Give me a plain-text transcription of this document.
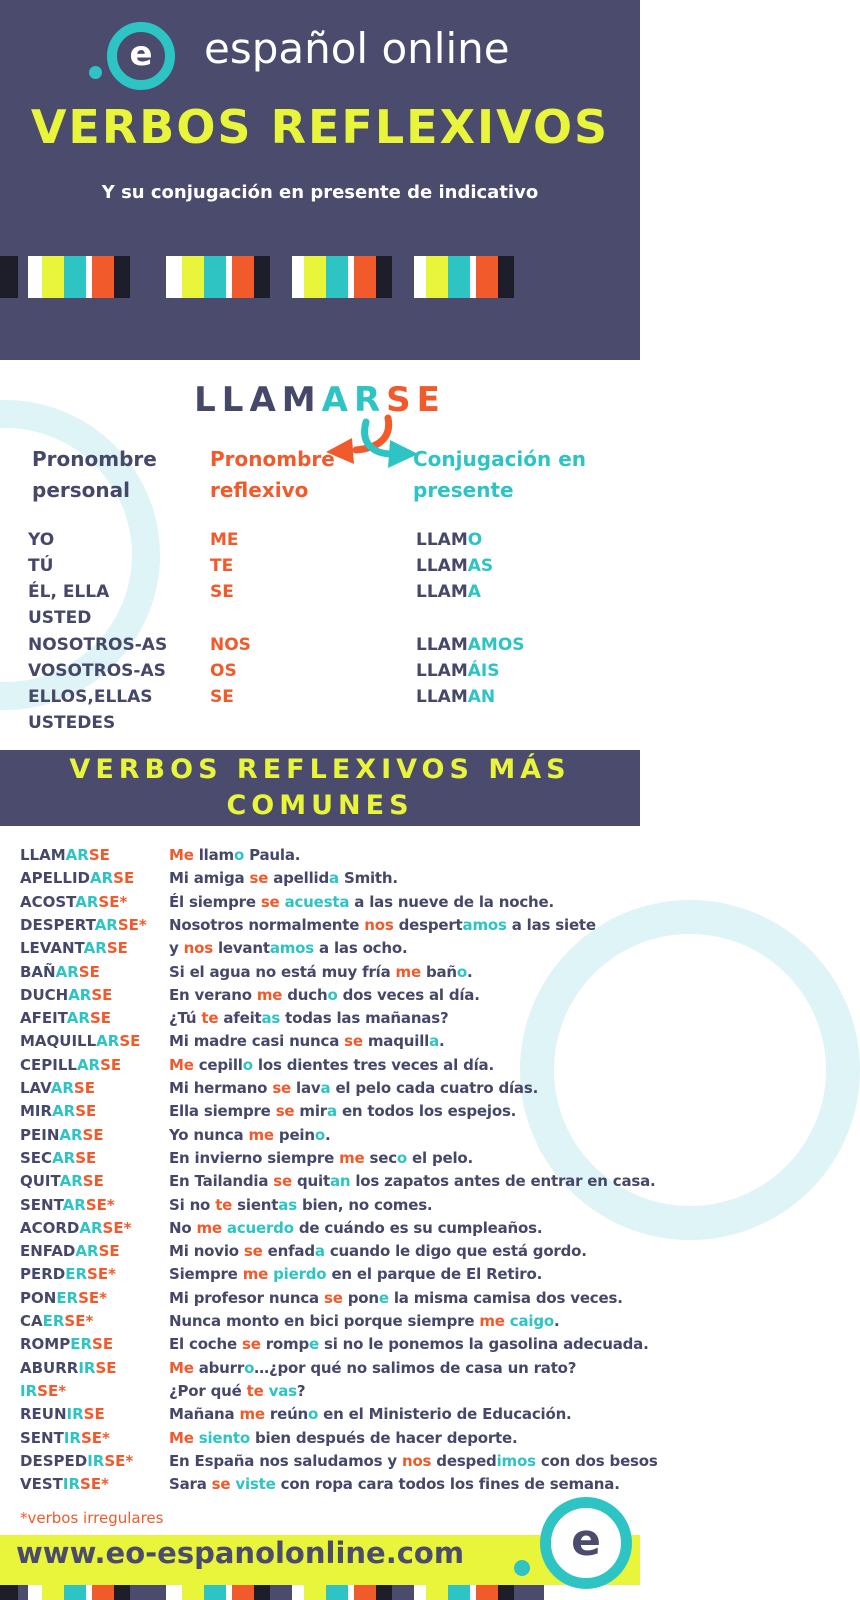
e español online
VERBOS REFLEXIVOS
Y su conjugación en presente de indicativo
LLAMARSE
Pronombre
personal
Pronombre
reflexivo
Conjugación en
presente
YO	ME	LLAMO
TÚ	TE	LLAMAS
ÉL, ELLA
USTED
SE	LLAMA
NOSOTROS-AS	NOS	LLAMAMOS
VOSOTROS-AS	OS	LLAMÁIS
ELLOS,ELLAS
USTEDES
SE	LLAMAN
VERBOS REFLEXIVOS MÁS
COMUNES
LLAMARSE	Me llamo Paula.
APELLIDARSE Mi amiga se apellida Smith.
ACOSTARSE*	Él siempre se acuesta a las nueve de la noche.
DESPERTARSE* Nosotros normalmente nos despertamos a las siete
LEVANTARSE	y nos levantamos a las ocho.
BAÑARSE	Si el agua no está muy fría me baño.
DUCHARSE	En verano me ducho dos veces al día.
AFEITARSE	¿Tú te afeitas todas las mañanas?
MAQUILLARSE Mi madre casi nunca se maquilla.
CEPILLARSE	Me cepillo los dientes tres veces al día.
LAVARSE	Mi hermano se lava el pelo cada cuatro días.
MIRARSE	Ella siempre se mira en todos los espejos.
PEINARSE	Yo nunca me peino.
SECARSE	En invierno siempre me seco el pelo.
QUITARSE	En Tailandia se quitan los zapatos antes de entrar en casa.
SENTARSE*	Si no te sientas bien, no comes.
ACORDARSE*	No me acuerdo de cuándo es su cumpleaños.
ENFADARSE	Mi novio se enfada cuando le digo que está gordo.
PERDERSE*	Siempre me pierdo en el parque de El Retiro.
PONERSE*	Mi profesor nunca se pone la misma camisa dos veces.
CAERSE*	Nunca monto en bici porque siempre me caigo.
ROMPERSE	El coche se rompe si no le ponemos la gasolina adecuada.
ABURRIRSE	Me aburro…¿por qué no salimos de casa un rato?
IRSE*	¿Por qué te vas?
REUNIRSE	Mañana me reúno en el Ministerio de Educación.
SENTIRSE*	Me siento bien después de hacer deporte.
DESPEDIRSE* En España nos saludamos y nos despedimos con dos besos
VESTIRSE*	Sara se viste con ropa cara todos los fines de semana.
*verbos irregulares
www.eo-espanolonline.com e
